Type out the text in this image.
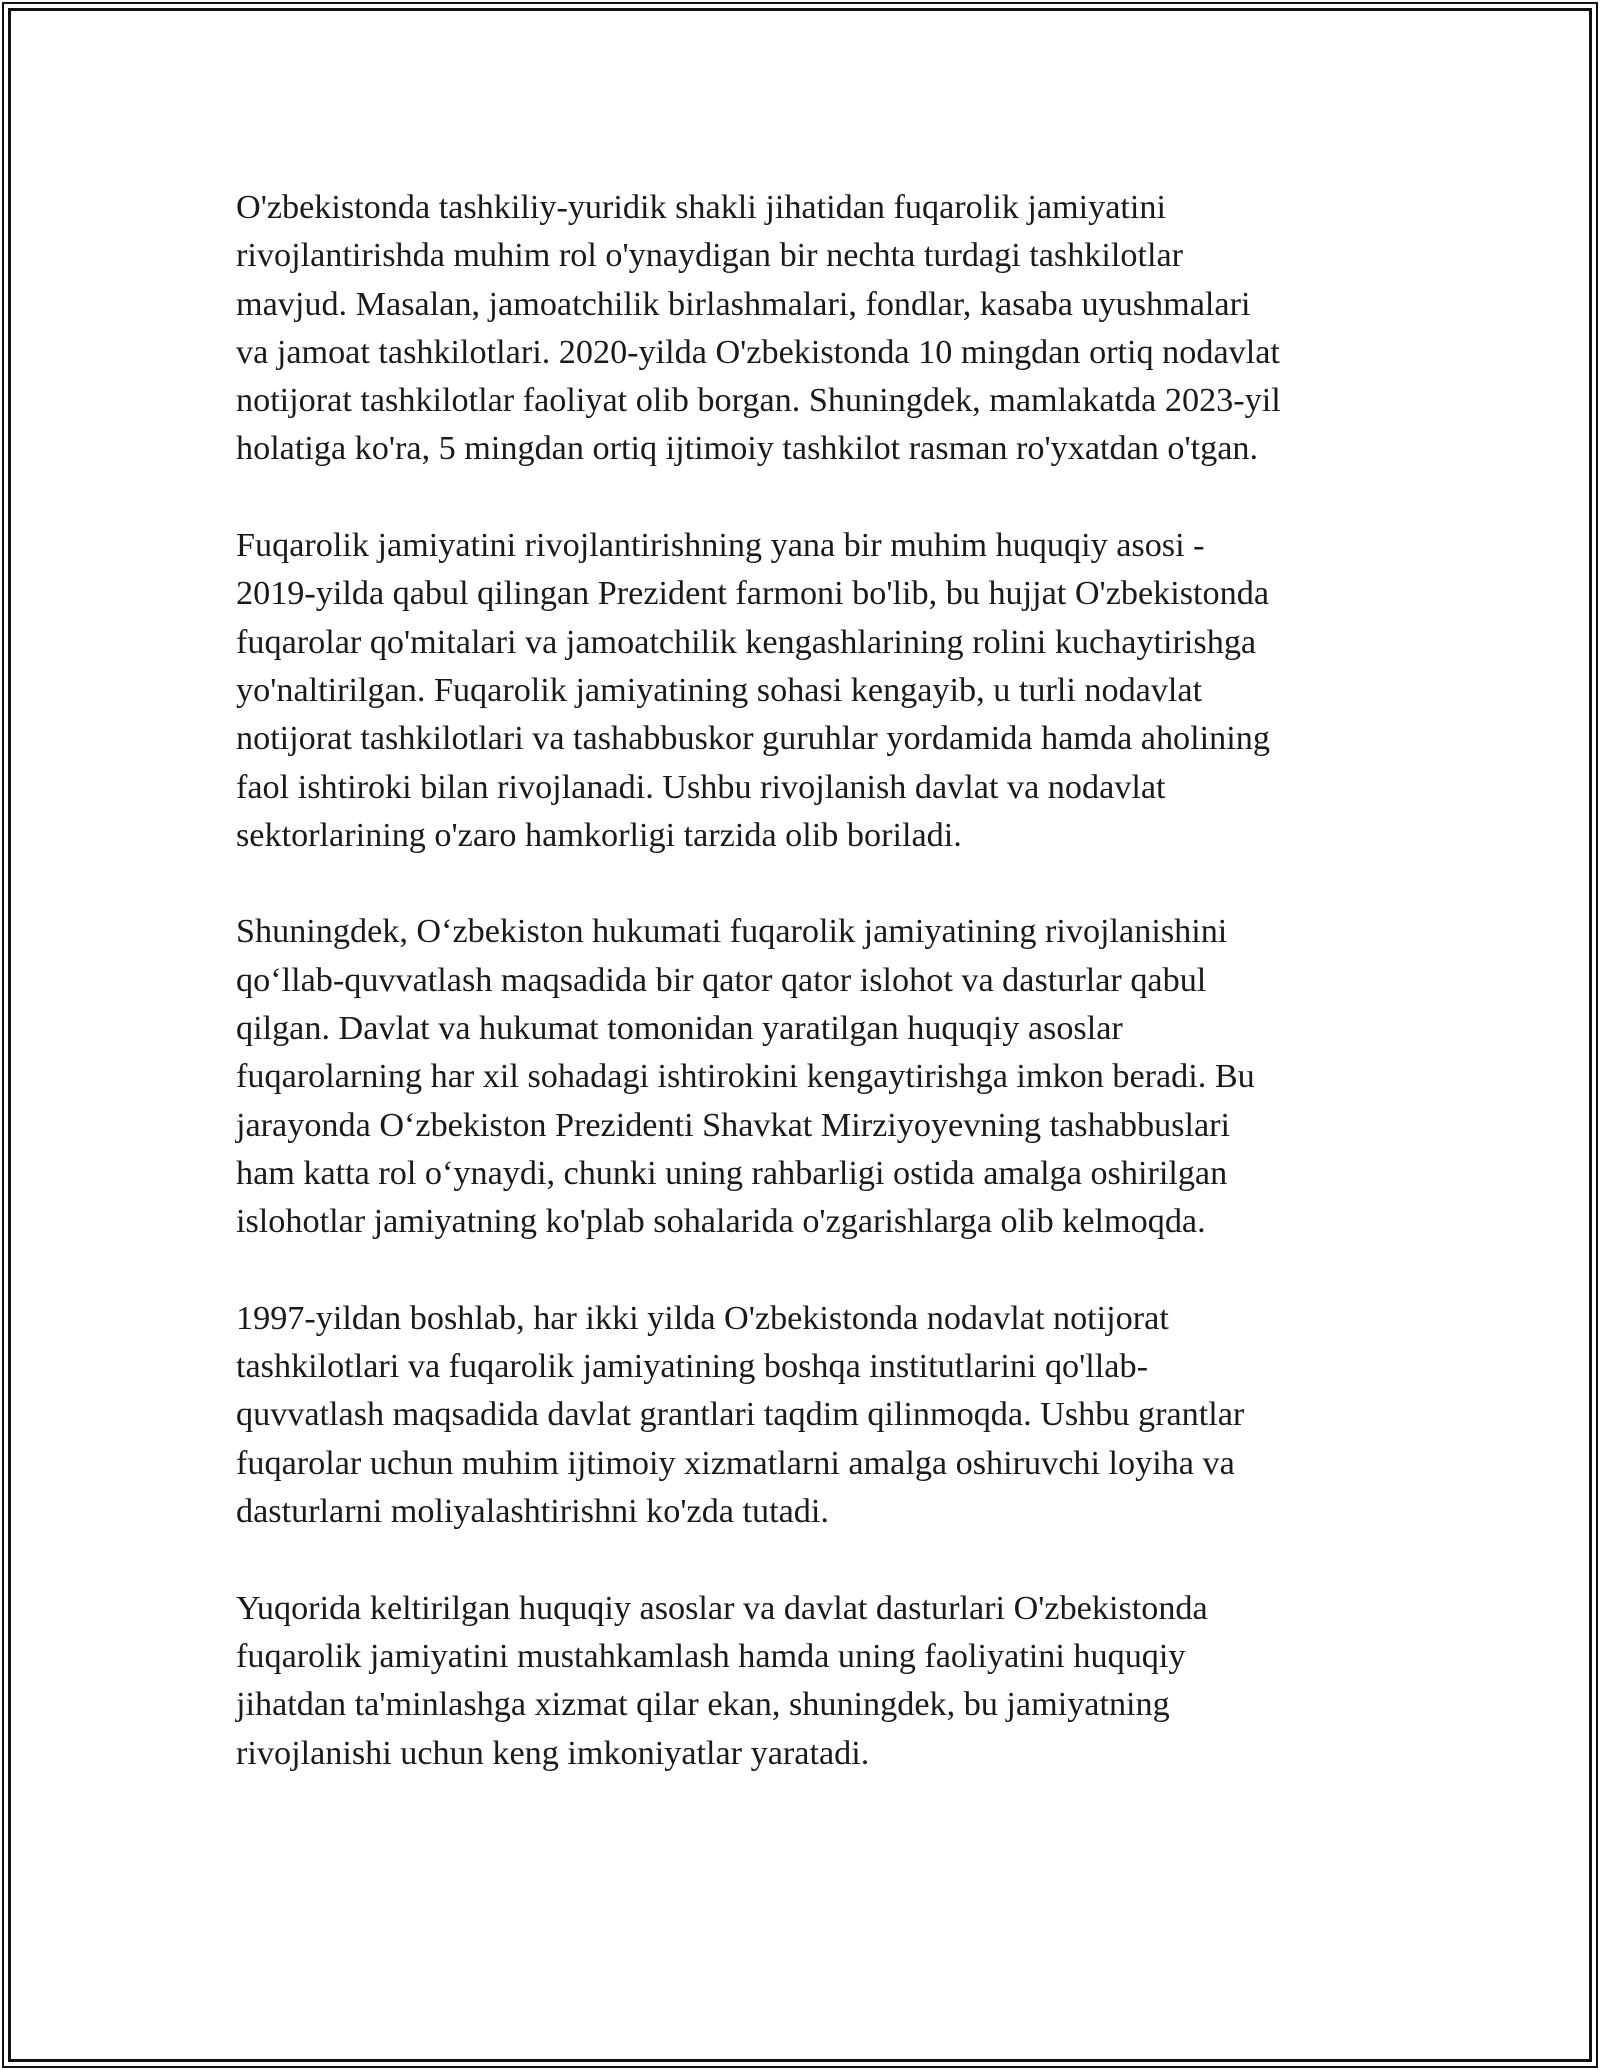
O'zbekistonda tashkiliy-yuridik shakli jihatidan fuqarolik jamiyatini
rivojlantirishda muhim rol o'ynaydigan bir nechta turdagi tashkilotlar
mavjud. Masalan, jamoatchilik birlashmalari, fondlar, kasaba uyushmalari
va jamoat tashkilotlari. 2020-yilda O'zbekistonda 10 mingdan ortiq nodavlat
notijorat tashkilotlar faoliyat olib borgan. Shuningdek, mamlakatda 2023-yil
holatiga ko'ra, 5 mingdan ortiq ijtimoiy tashkilot rasman ro'yxatdan o'tgan.

Fuqarolik jamiyatini rivojlantirishning yana bir muhim huquqiy asosi -
2019-yilda qabul qilingan Prezident farmoni bo'lib, bu hujjat O'zbekistonda
fuqarolar qo'mitalari va jamoatchilik kengashlarining rolini kuchaytirishga
yo'naltirilgan. Fuqarolik jamiyatining sohasi kengayib, u turli nodavlat
notijorat tashkilotlari va tashabbuskor guruhlar yordamida hamda aholining
faol ishtiroki bilan rivojlanadi. Ushbu rivojlanish davlat va nodavlat
sektorlarining o'zaro hamkorligi tarzida olib boriladi.

Shuningdek, O‘zbekiston hukumati fuqarolik jamiyatining rivojlanishini
qo‘llab-quvvatlash maqsadida bir qator qator islohot va dasturlar qabul
qilgan. Davlat va hukumat tomonidan yaratilgan huquqiy asoslar
fuqarolarning har xil sohadagi ishtirokini kengaytirishga imkon beradi. Bu
jarayonda O‘zbekiston Prezidenti Shavkat Mirziyoyevning tashabbuslari
ham katta rol o‘ynaydi, chunki uning rahbarligi ostida amalga oshirilgan
islohotlar jamiyatning ko'plab sohalarida o'zgarishlarga olib kelmoqda.

1997-yildan boshlab, har ikki yilda O'zbekistonda nodavlat notijorat
tashkilotlari va fuqarolik jamiyatining boshqa institutlarini qo'llab-
quvvatlash maqsadida davlat grantlari taqdim qilinmoqda. Ushbu grantlar
fuqarolar uchun muhim ijtimoiy xizmatlarni amalga oshiruvchi loyiha va
dasturlarni moliyalashtirishni ko'zda tutadi.

Yuqorida keltirilgan huquqiy asoslar va davlat dasturlari O'zbekistonda
fuqarolik jamiyatini mustahkamlash hamda uning faoliyatini huquqiy
jihatdan ta'minlashga xizmat qilar ekan, shuningdek, bu jamiyatning
rivojlanishi uchun keng imkoniyatlar yaratadi.
